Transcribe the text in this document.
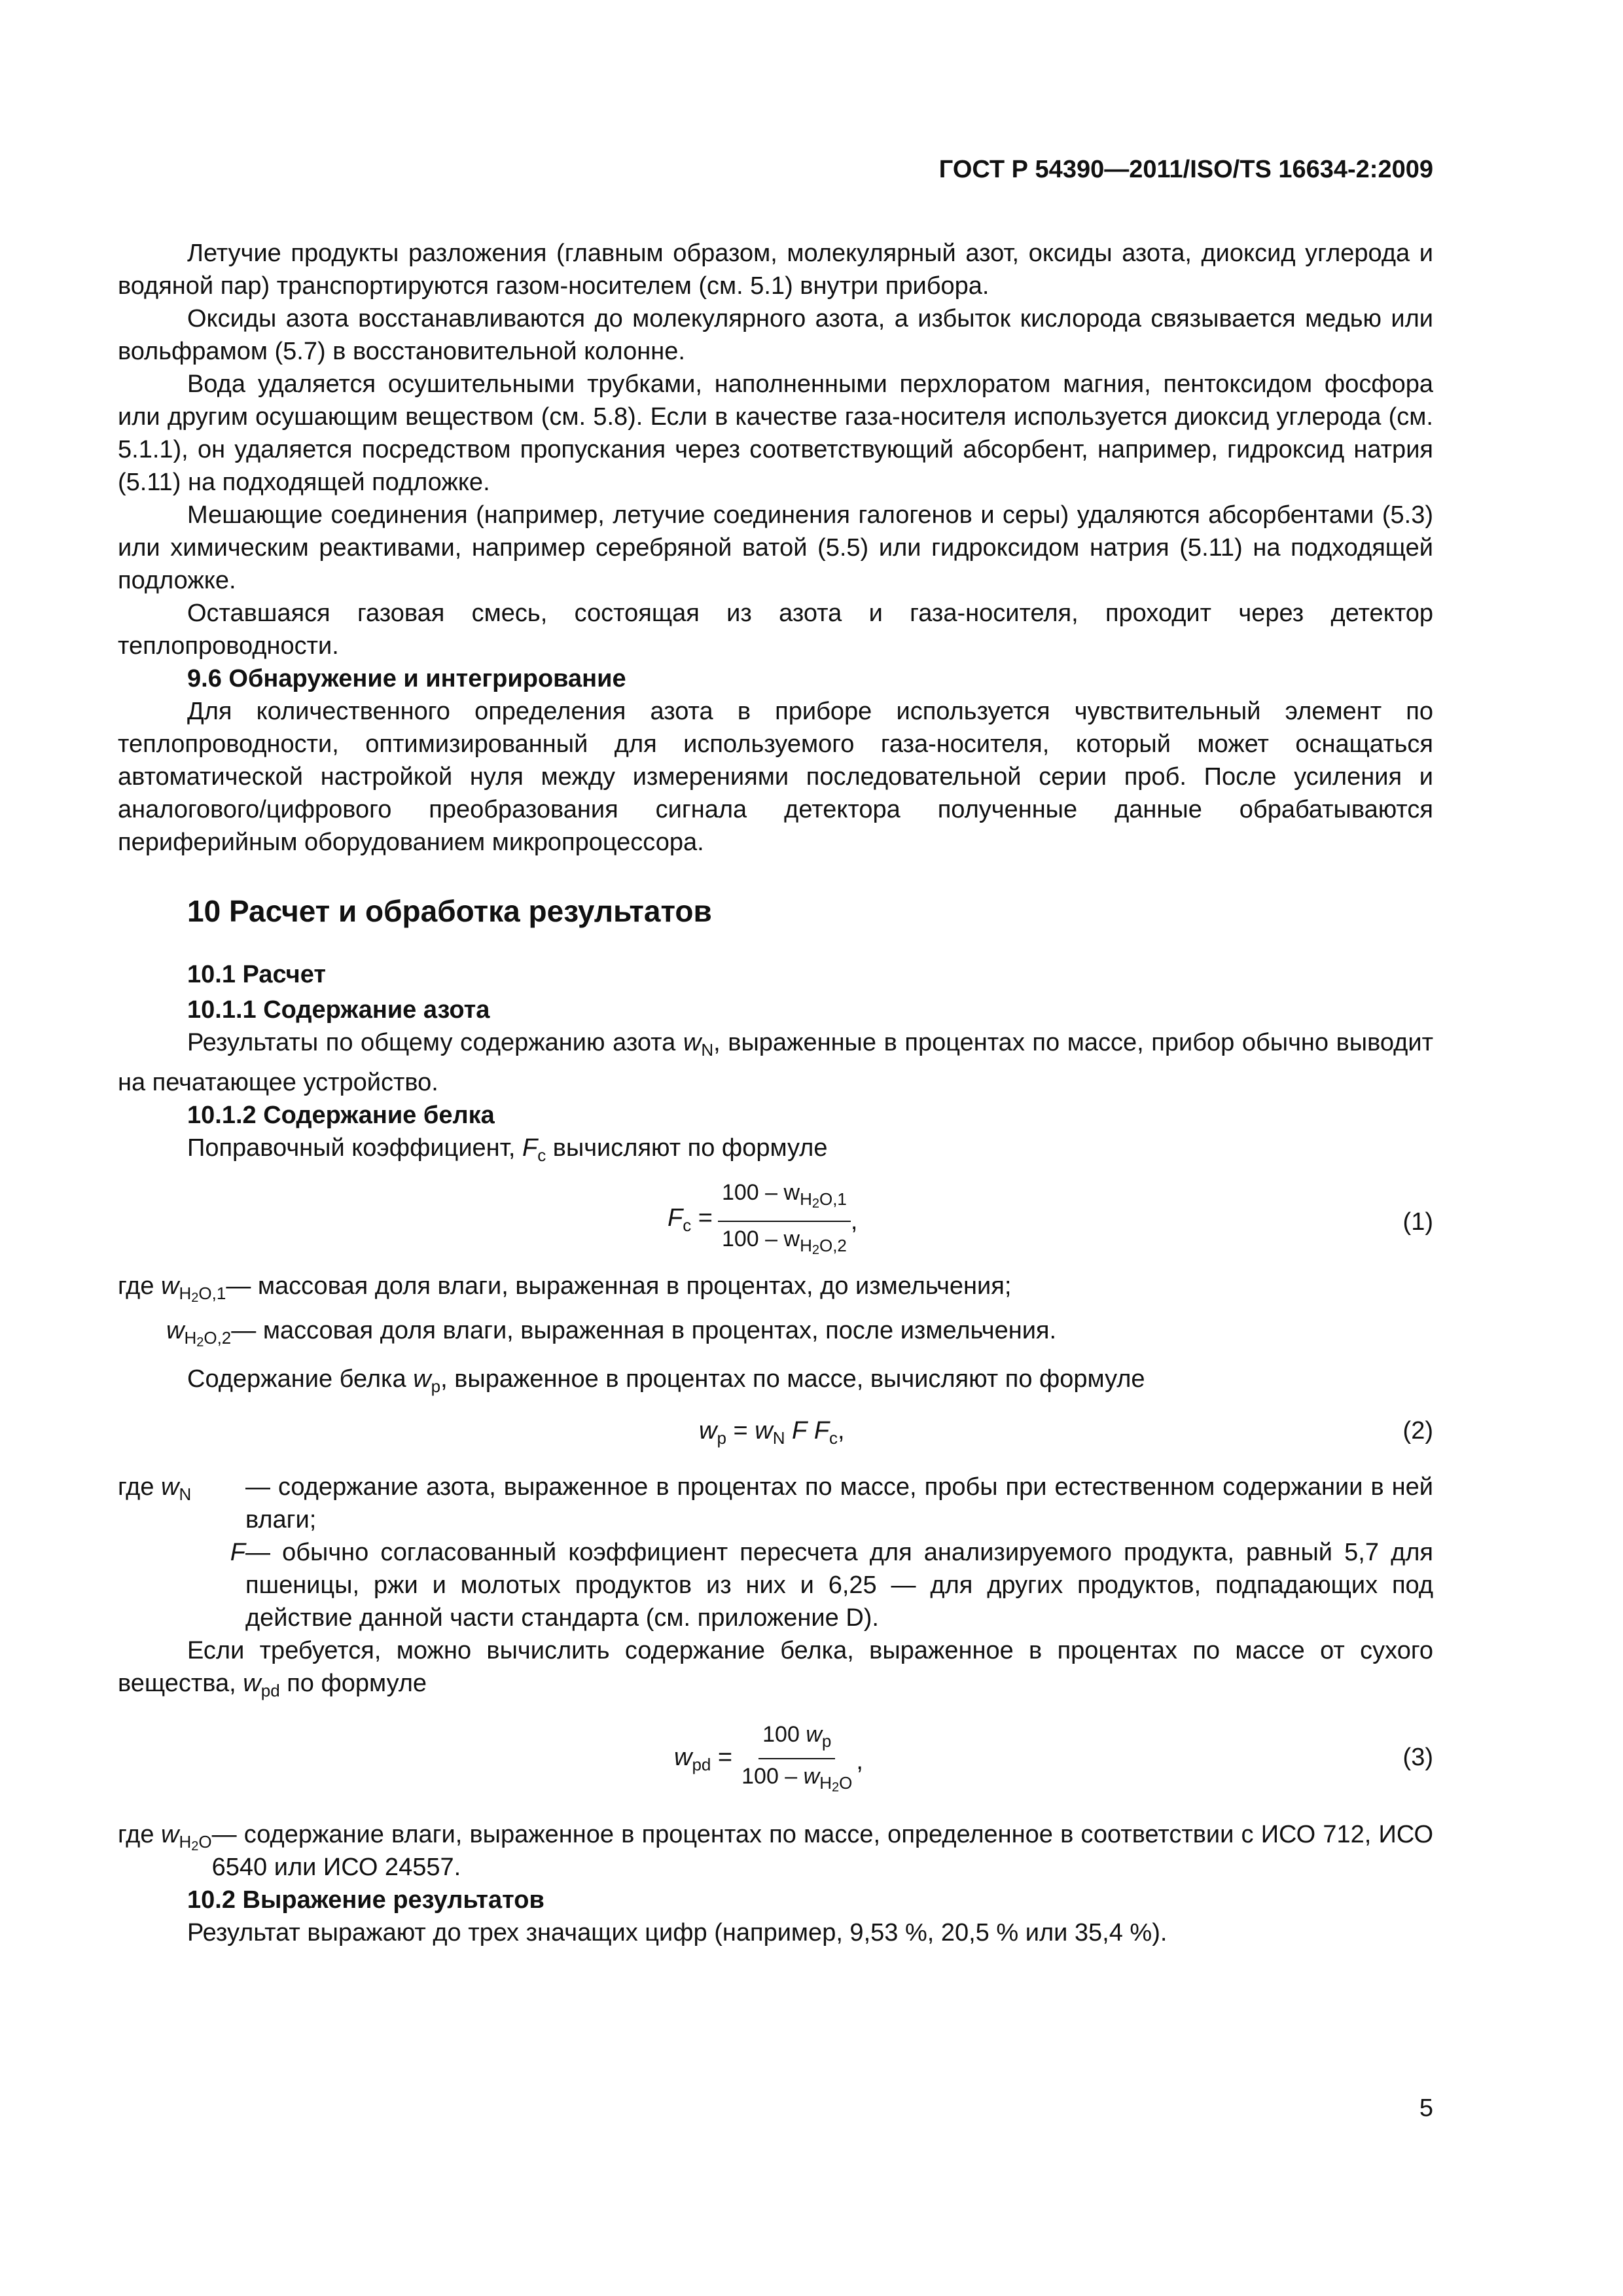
ГОСТ Р 54390—2011/ISO/TS 16634-2:2009

Летучие продукты разложения (главным образом, молекулярный азот, оксиды азота, диоксид углерода и водяной пар) транспортируются газом-носителем (см. 5.1) внутри прибора.

Оксиды азота восстанавливаются до молекулярного азота, а избыток кислорода связывается медью или вольфрамом (5.7) в восстановительной колонне.

Вода удаляется осушительными трубками, наполненными перхлоратом магния, пентоксидом фосфора или другим осушающим веществом (см. 5.8). Если в качестве газа-носителя используется диоксид углерода (см. 5.1.1), он удаляется посредством пропускания через соответствующий абсорбент, например, гидроксид натрия (5.11) на подходящей подложке.

Мешающие соединения (например, летучие соединения галогенов и серы) удаляются абсорбентами (5.3) или химическим реактивами, например серебряной ватой (5.5) или гидроксидом натрия (5.11) на подходящей подложке.

Оставшаяся газовая смесь, состоящая из азота и газа-носителя, проходит через детектор теплопроводности.

9.6 Обнаружение и интегрирование

Для количественного определения азота в приборе используется чувствительный элемент по теплопроводности, оптимизированный для используемого газа-носителя, который может оснащаться автоматической настройкой нуля между измерениями последовательной серии проб. После усиления и аналогового/цифрового преобразования сигнала детектора полученные данные обрабатываются периферийным оборудованием микропроцессора.

10 Расчет и обработка результатов
10.1 Расчет
10.1.1 Содержание азота

Результаты по общему содержанию азота $w_N$, выраженные в процентах по массе, прибор обычно выводит на печатающее устройство.

10.1.2 Содержание белка

Поправочный коэффициент, $F_c$ вычисляют по формуле

$F_c = \frac{100 - w_{H2O,1}}{100 - w_{H2O,2}}$ ,	(1)
где $w_{H2O,1}$ — массовая доля влаги, выраженная в процентах, до измельчения;
$w_{H2O,2}$ — массовая доля влаги, выраженная в процентах, после измельчения.

Содержание белка $w_p$, выраженное в процентах по массе, вычисляют по формуле

$w_p = w_N$ F $F_c$,	(2)
где $w_N$	— содержание азота, выраженное в процентах по массе, пробы при естественном содержании в ней влаги;
F — обычно согласованный коэффициент пересчета для анализируемого продукта, равный 5,7 для пшеницы, ржи и молотых продуктов из них и 6,25 — для других продуктов, подпадающих под действие данной части стандарта (см. приложение D).

Если требуется, можно вычислить содержание белка, выраженное в процентах по массе от сухого вещества, $w_{pd}$ по формуле

$w_{pd} = \frac{100 w_p}{100 - w_{H2O}}$ ,	(3)
где $w_{H2O}$ — содержание влаги, выраженное в процентах по массе, определенное в соответствии с ИСО 712, ИСО 6540 или ИСО 24557.
10.2 Выражение результатов

Результат выражают до трех значащих цифр (например, 9,53 %, 20,5 % или 35,4 %).

5
